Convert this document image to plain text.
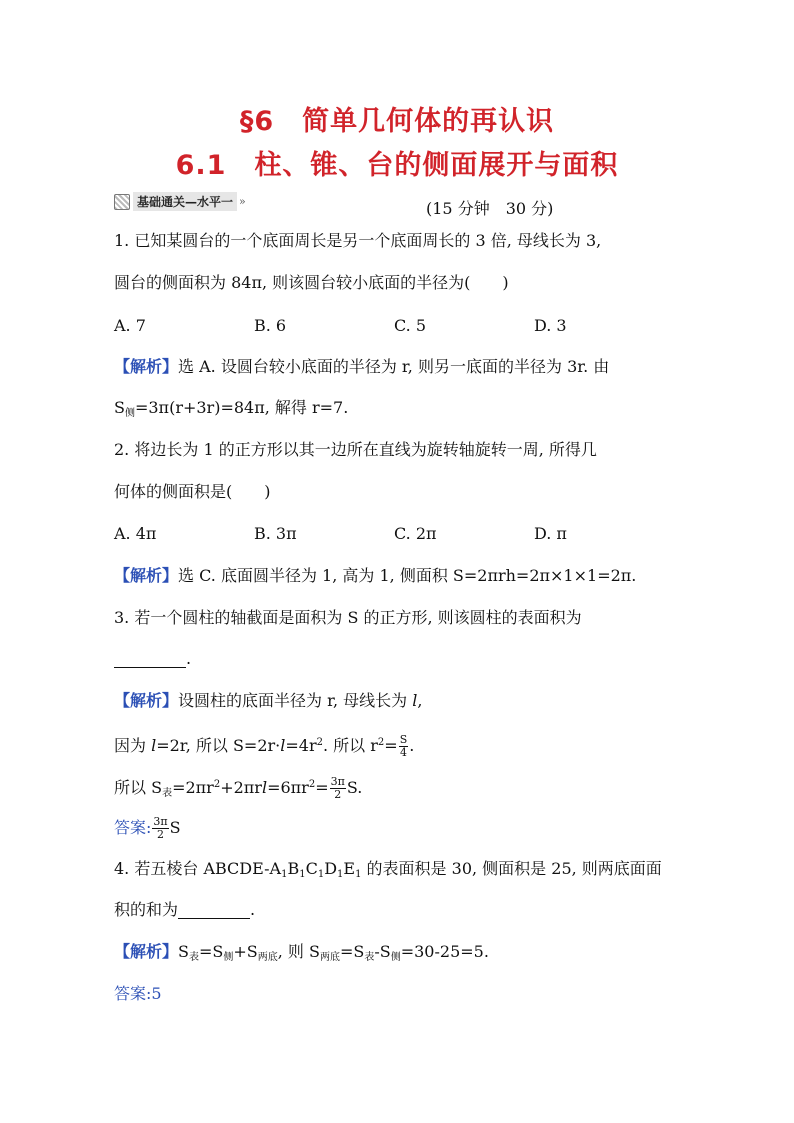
§6　简单几何体的再认识
6.1　柱、锥、台的侧面展开与面积
基础通关—水平一 »	(15 分钟　30 分)
1. 已知某圆台的一个底面周长是另一个底面周长的 3 倍, 母线长为 3,
圆台的侧面积为 84π, 则该圆台较小底面的半径为(　　)
A. 7	B. 6	C. 5	D. 3
【解析】选 A. 设圆台较小底面的半径为 r, 则另一底面的半径为 3r. 由
$S_侧=3\pi(r+3r)=84\pi$, 解得 r=7.
2. 将边长为 1 的正方形以其一边所在直线为旋转轴旋转一周, 所得几
何体的侧面积是(　　)
A. 4π	B. 3π	C. 2π	D. π
【解析】选 C. 底面圆半径为 1, 高为 1, 侧面积 S=2πrh=2π×1×1=2π.
3. 若一个圆柱的轴截面是面积为 S 的正方形, 则该圆柱的表面积为
.
【解析】设圆柱的底面半径为 r, 母线长为 l,
因为 l=2r, 所以 $S=2r\cdot l=4r^2$. 所以 $r^2= \frac{S}{4}$ .
所以 $S_表=2\pi r^2+2\pi rl=6\pi r^2= \frac{3\pi}{2} S$.
答案: $\frac{3\pi}{2}$ S
4. 若五棱台 ABCDE-$A_1B_1C_1D_1E_1$ 的表面积是 30, 侧面积是 25, 则两底面面
积的和为	.
【解析】$S_表=S_侧+S_{两底}$, 则 $S_{两底}=S_表-S_侧=30-25=5$.
答案:5
